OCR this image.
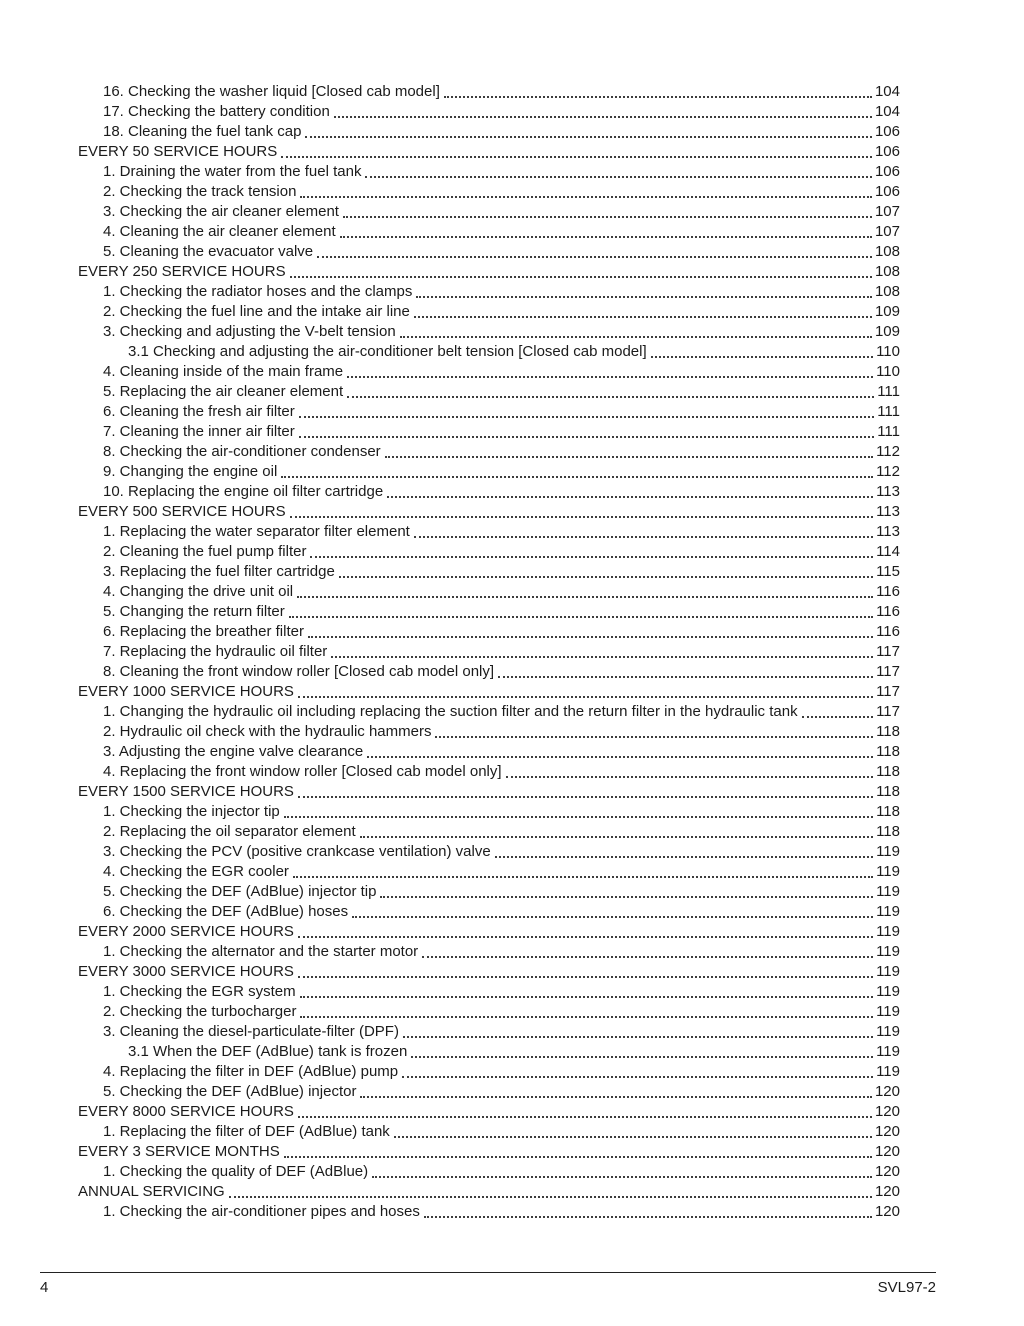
16. Checking the washer liquid [Closed cab model]	104
17. Checking the battery condition	104
18. Cleaning the fuel tank cap	106
EVERY 50 SERVICE HOURS	106
1. Draining the water from the fuel tank	106
2. Checking the track tension	106
3. Checking the air cleaner element	107
4. Cleaning the air cleaner element	107
5. Cleaning the evacuator valve	108
EVERY 250 SERVICE HOURS	108
1. Checking the radiator hoses and the clamps	108
2. Checking the fuel line and the intake air line	109
3. Checking and adjusting the V-belt tension	109
3.1 Checking and adjusting the air-conditioner belt tension [Closed cab model]	110
4. Cleaning inside of the main frame	110
5. Replacing the air cleaner element	111
6. Cleaning the fresh air filter	111
7. Cleaning the inner air filter	111
8. Checking the air-conditioner condenser	112
9. Changing the engine oil	112
10. Replacing the engine oil filter cartridge	113
EVERY 500 SERVICE HOURS	113
1. Replacing the water separator filter element	113
2. Cleaning the fuel pump filter	114
3. Replacing the fuel filter cartridge	115
4. Changing the drive unit oil	116
5. Changing the return filter	116
6. Replacing the breather filter	116
7. Replacing the hydraulic oil filter	117
8. Cleaning the front window roller [Closed cab model only]	117
EVERY 1000 SERVICE HOURS	117
1. Changing the hydraulic oil including replacing the suction filter and the return filter in the hydraulic tank	117
2. Hydraulic oil check with the hydraulic hammers	118
3. Adjusting the engine valve clearance	118
4. Replacing the front window roller [Closed cab model only]	118
EVERY 1500 SERVICE HOURS	118
1. Checking the injector tip	118
2. Replacing the oil separator element	118
3. Checking the PCV (positive crankcase ventilation) valve	119
4. Checking the EGR cooler	119
5. Checking the DEF (AdBlue) injector tip	119
6. Checking the DEF (AdBlue) hoses	119
EVERY 2000 SERVICE HOURS	119
1. Checking the alternator and the starter motor	119
EVERY 3000 SERVICE HOURS	119
1. Checking the EGR system	119
2. Checking the turbocharger	119
3. Cleaning the diesel-particulate-filter (DPF)	119
3.1 When the DEF (AdBlue) tank is frozen	119
4. Replacing the filter in DEF (AdBlue) pump	119
5. Checking the DEF (AdBlue) injector	120
EVERY 8000 SERVICE HOURS	120
1. Replacing the filter of DEF (AdBlue) tank	120
EVERY 3 SERVICE MONTHS	120
1. Checking the quality of DEF (AdBlue)	120
ANNUAL SERVICING	120
1. Checking the air-conditioner pipes and hoses	120
4	SVL97-2
